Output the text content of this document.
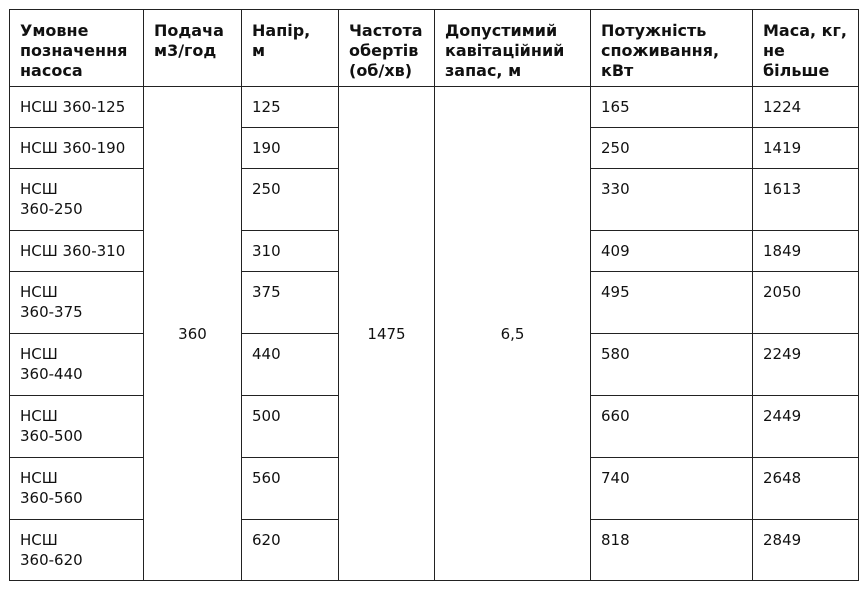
Умовне позначення насоса	Подача м3/год	Напір, м	Частота обертів (об/хв)	Допустимий кавітаційний запас, м	Потужність споживання, кВт	Маса, кг, не більше
НСШ 360-125	360	125	1475	6,5	165	1224
НСШ 360-190		190			250	1419
НСШ 360-250		250			330	1613
НСШ 360-310		310			409	1849
НСШ 360-375		375			495	2050
НСШ 360-440		440			580	2249
НСШ 360-500		500			660	2449
НСШ 360-560		560			740	2648
НСШ 360-620		620			818	2849
